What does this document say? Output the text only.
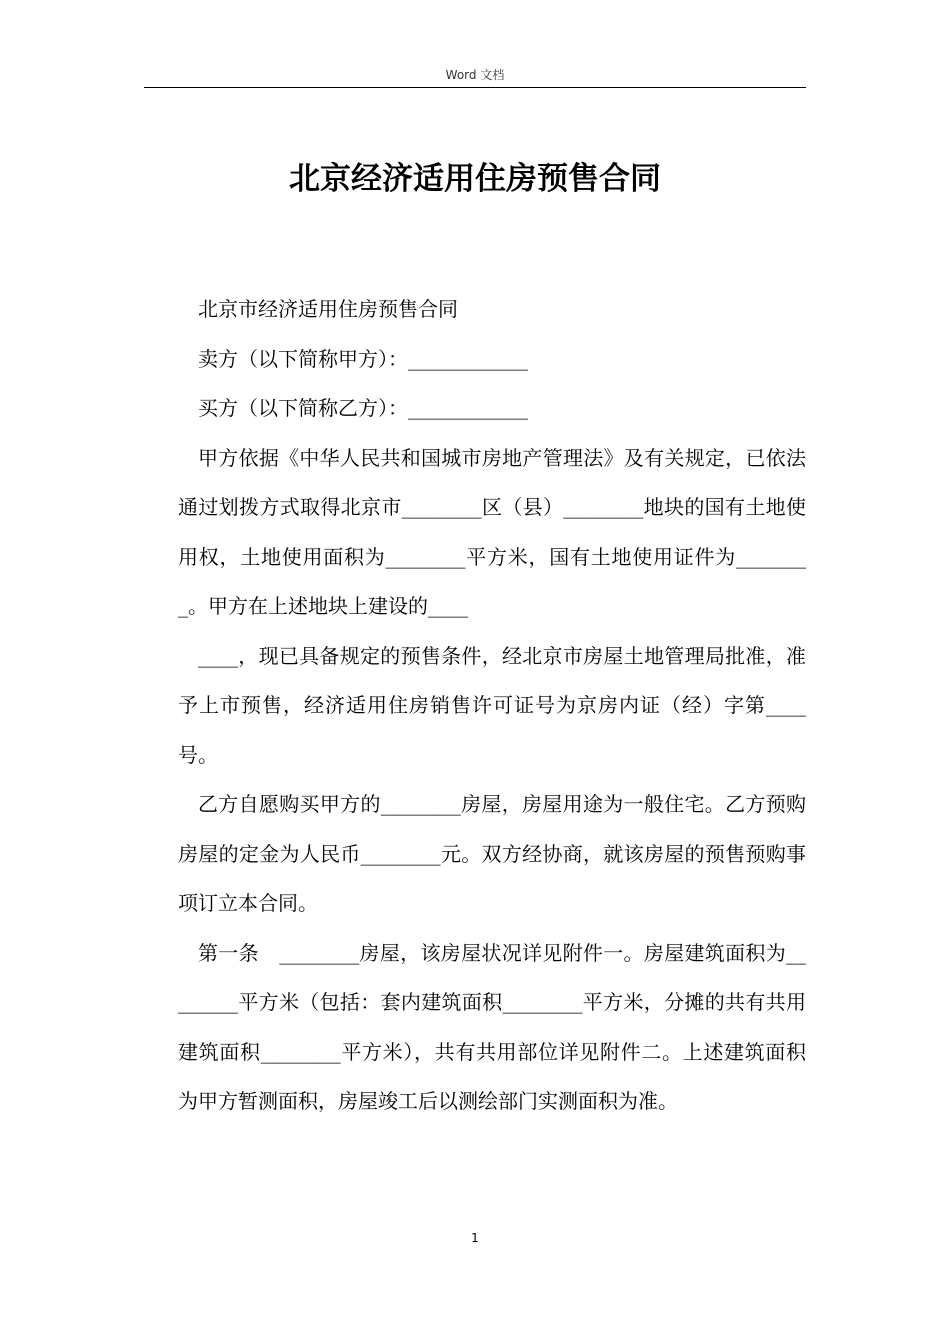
Word 文档
北京经济适用住房预售合同

北京市经济适用住房预售合同

卖方（以下简称甲方）：____________

买方（以下简称乙方）：____________

甲方依据《中华人民共和国城市房地产管理法》及有关规定，已依法通过划拨方式取得北京市________区（县）________地块的国有土地使用权，土地使用面积为________平方米，国有土地使用证件为________。甲方在上述地块上建设的____

____，现已具备规定的预售条件，经北京市房屋土地管理局批准，准予上市预售，经济适用住房销售许可证号为京房内证（经）字第____号。

乙方自愿购买甲方的________房屋，房屋用途为一般住宅。乙方预购房屋的定金为人民币________元。双方经协商，就该房屋的预售预购事项订立本合同。

第一条　________房屋，该房屋状况详见附件一。房屋建筑面积为________平方米（包括：套内建筑面积________平方米，分摊的共有共用建筑面积________平方米），共有共用部位详见附件二。上述建筑面积为甲方暂测面积，房屋竣工后以测绘部门实测面积为准。

1
